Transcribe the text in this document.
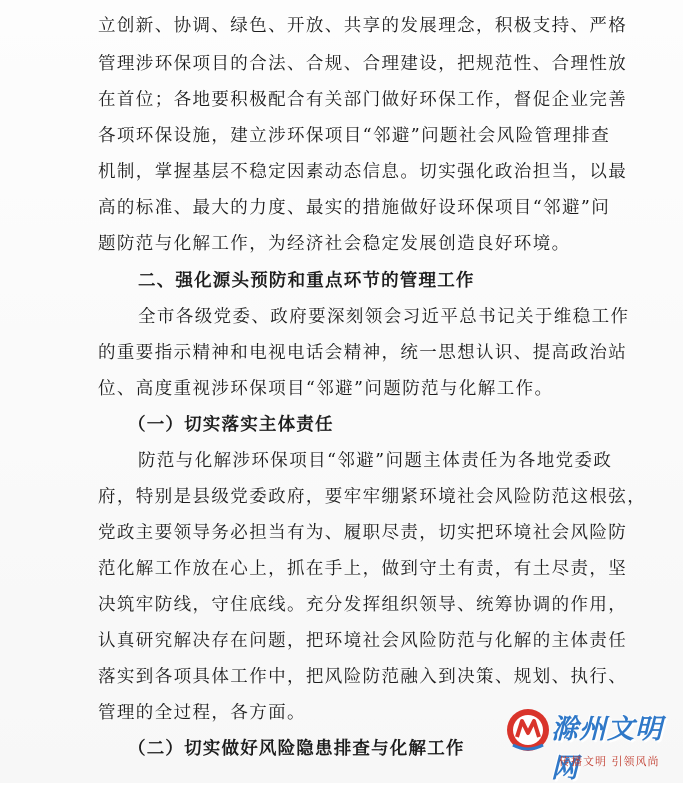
立创新、协调、绿色、开放、共享的发展理念，积极支持、严格
管理涉环保项目的合法、合规、合理建设，把规范性、合理性放
在首位；各地要积极配合有关部门做好环保工作，督促企业完善
各项环保设施，建立涉环保项目“邻避”问题社会风险管理排查
机制，掌握基层不稳定因素动态信息。切实强化政治担当，以最
高的标准、最大的力度、最实的措施做好设环保项目“邻避”问
题防范与化解工作，为经济社会稳定发展创造良好环境。
二、强化源头预防和重点环节的管理工作
全市各级党委、政府要深刻领会习近平总书记关于维稳工作
的重要指示精神和电视电话会精神，统一思想认识、提高政治站
位、高度重视涉环保项目“邻避”问题防范与化解工作。
（一）切实落实主体责任
防范与化解涉环保项目“邻避”问题主体责任为各地党委政
府，特别是县级党委政府，要牢牢绷紧环境社会风险防范这根弦，
党政主要领导务必担当有为、履职尽责，切实把环境社会风险防
范化解工作放在心上，抓在手上，做到守土有责，有土尽责，坚
决筑牢防线，守住底线。充分发挥组织领导、统筹协调的作用，
认真研究解决存在问题，把环境社会风险防范与化解的主体责任
落实到各项具体工作中，把风险防范融入到决策、规划、执行、
管理的全过程，各方面。
（二）切实做好风险隐患排查与化解工作
滁州文明网
传播文明 引领风尚
